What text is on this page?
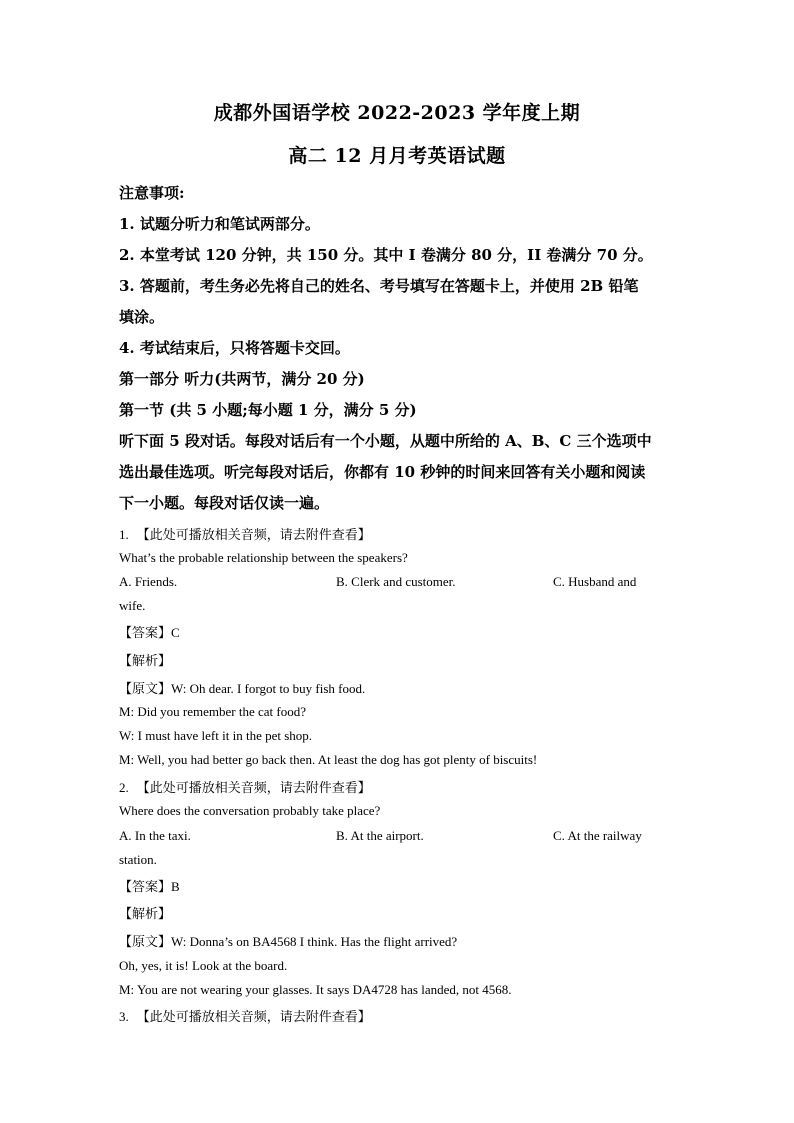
成都外国语学校 2022-2023 学年度上期
高二 12 月月考英语试题
注意事项:
1. 试题分听力和笔试两部分。
2. 本堂考试 120 分钟，共 150 分。其中 I 卷满分 80 分，II 卷满分 70 分。
3. 答题前，考生务必先将自己的姓名、考号填写在答题卡上，并使用 2B 铅笔
填涂。
4. 考试结束后，只将答题卡交回。
第一部分 听力(共两节，满分 20 分)
第一节 (共 5 小题;每小题 1 分，满分 5 分)
听下面 5 段对话。每段对话后有一个小题，从题中所给的 A、B、C 三个选项中
选出最佳选项。听完每段对话后，你都有 10 秒钟的时间来回答有关小题和阅读
下一小题。每段对话仅读一遍。
1. 【此处可播放相关音频，请去附件查看】
What’s the probable relationship between the speakers?
A. Friends.	B. Clerk and customer.	C. Husband and
wife.
【答案】C
【解析】
【原文】W: Oh dear. I forgot to buy fish food.
M: Did you remember the cat food?
W: I must have left it in the pet shop.
M: Well, you had better go back then. At least the dog has got plenty of biscuits!
2. 【此处可播放相关音频，请去附件查看】
Where does the conversation probably take place?
A. In the taxi.	B. At the airport.	C. At the railway
station.
【答案】B
【解析】
【原文】W: Donna’s on BA4568 I think. Has the flight arrived?
Oh, yes, it is! Look at the board.
M: You are not wearing your glasses. It says DA4728 has landed, not 4568.
3. 【此处可播放相关音频，请去附件查看】
